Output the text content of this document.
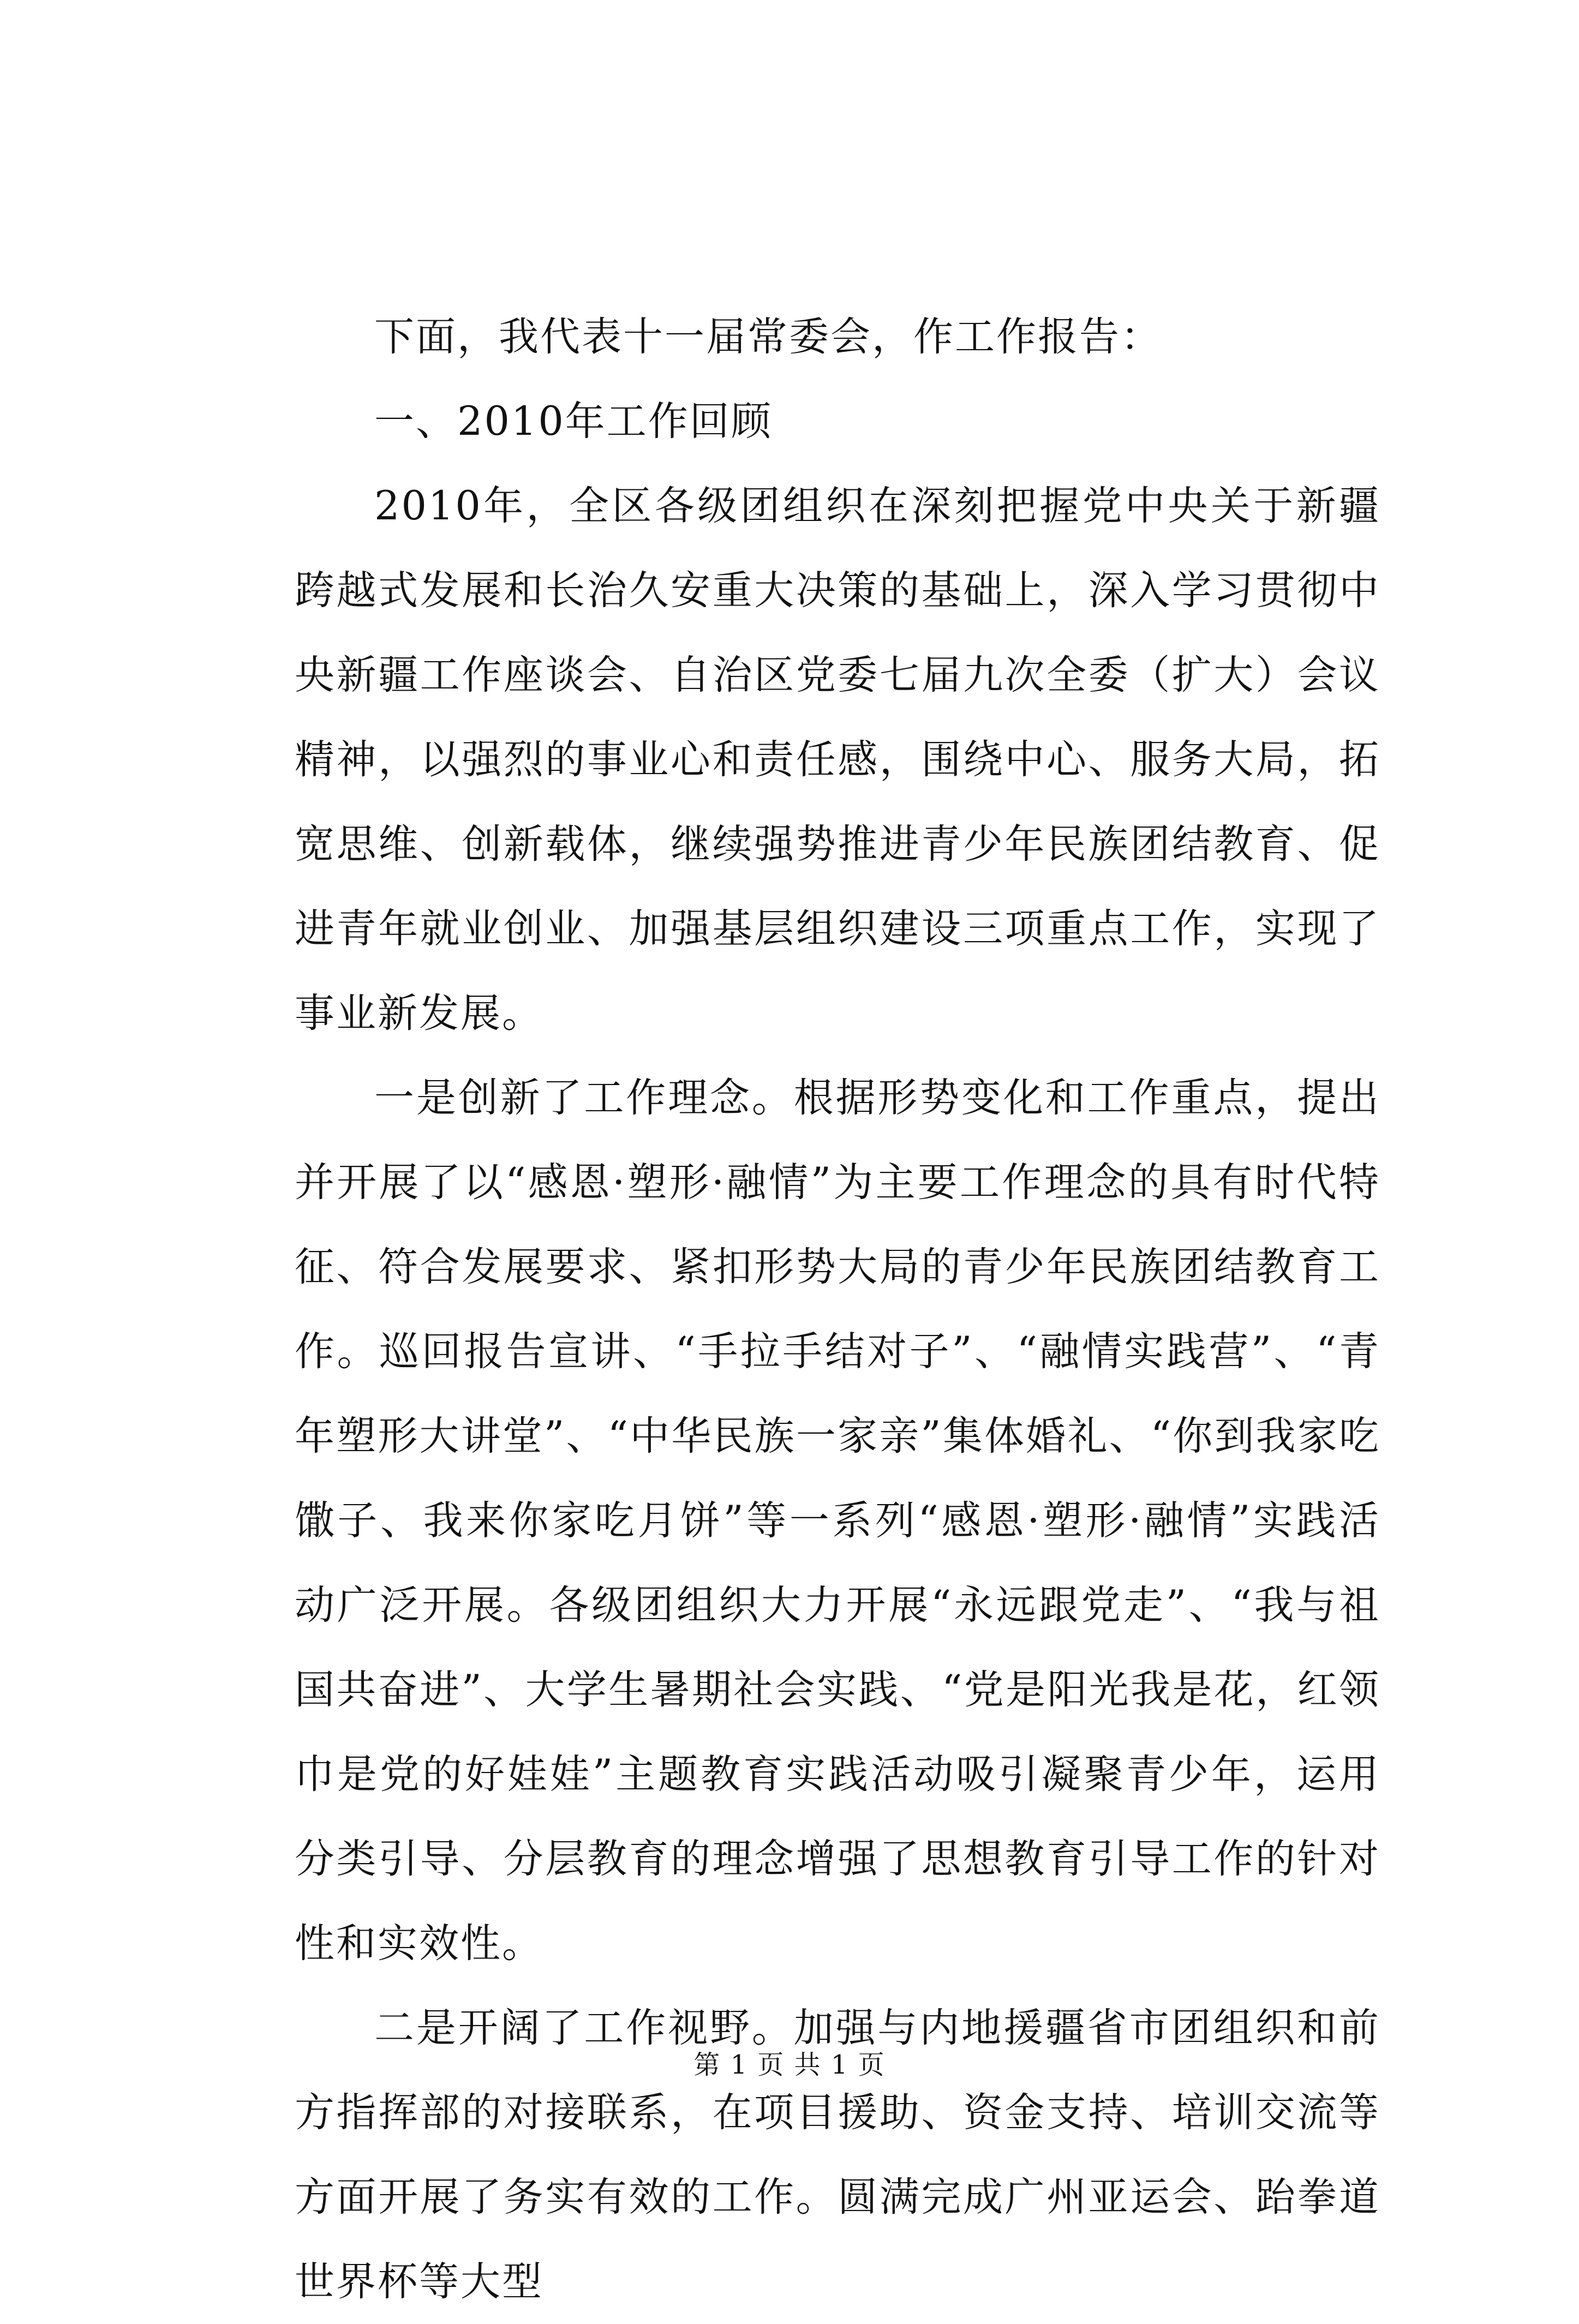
下面，我代表十一届常委会，作工作报告：

一、2010年工作回顾

2010年，全区各级团组织在深刻把握党中央关于新疆跨越式发展和长治久安重大决策的基础上，深入学习贯彻中央新疆工作座谈会、自治区党委七届九次全委（扩大）会议精神，以强烈的事业心和责任感，围绕中心、服务大局，拓宽思维、创新载体，继续强势推进青少年民族团结教育、促进青年就业创业、加强基层组织建设三项重点工作，实现了事业新发展。

一是创新了工作理念。根据形势变化和工作重点，提出并开展了以“感恩·塑形·融情”为主要工作理念的具有时代特征、符合发展要求、紧扣形势大局的青少年民族团结教育工作。巡回报告宣讲、“手拉手结对子”、“融情实践营”、“青年塑形大讲堂”、“中华民族一家亲”集体婚礼、“你到我家吃馓子、我来你家吃月饼”等一系列“感恩·塑形·融情”实践活动广泛开展。各级团组织大力开展“永远跟党走”、“我与祖国共奋进”、大学生暑期社会实践、“党是阳光我是花，红领巾是党的好娃娃”主题教育实践活动吸引凝聚青少年，运用分类引导、分层教育的理念增强了思想教育引导工作的针对性和实效性。

二是开阔了工作视野。加强与内地援疆省市团组织和前方指挥部的对接联系，在项目援助、资金支持、培训交流等方面开展了务实有效的工作。圆满完成广州亚运会、跆拳道世界杯等大型

第 1 页 共 1 页
